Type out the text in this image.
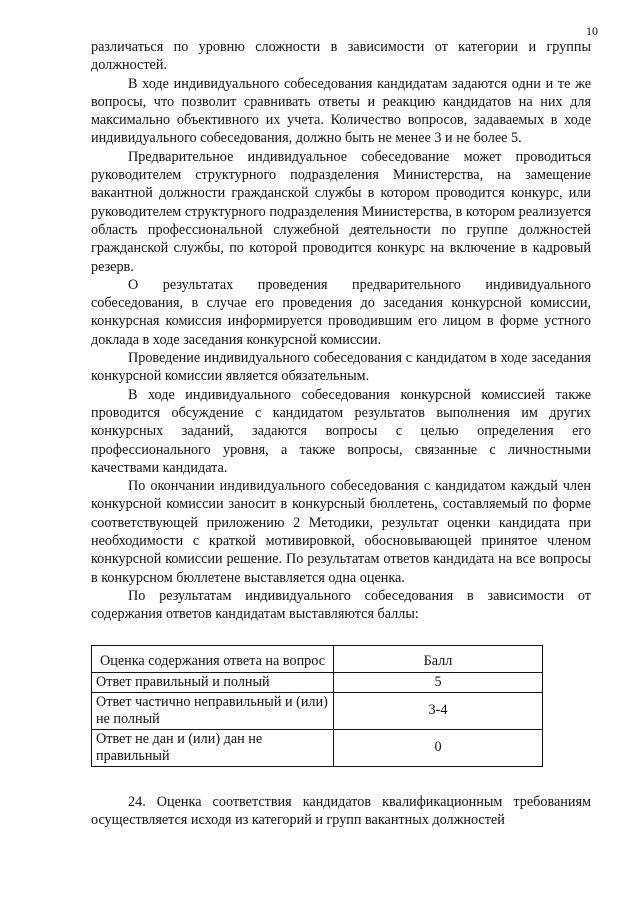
10

различаться по уровню сложности в зависимости от категории и группы должностей.

В ходе индивидуального собеседования кандидатам задаются одни и те же вопросы, что позволит сравнивать ответы и реакцию кандидатов на них для максимально объективного их учета. Количество вопросов, задаваемых в ходе индивидуального собеседования, должно быть не менее 3 и не более 5.

Предварительное индивидуальное собеседование может проводиться руководителем структурного подразделения Министерства, на замещение вакантной должности гражданской службы в котором проводится конкурс, или руководителем структурного подразделения Министерства, в котором реализуется область профессиональной служебной деятельности по группе должностей гражданской службы, по которой проводится конкурс на включение в кадровый резерв.

О результатах проведения предварительного индивидуального собеседования, в случае его проведения до заседания конкурсной комиссии, конкурсная комиссия информируется проводившим его лицом в форме устного доклада в ходе заседания конкурсной комиссии.

Проведение индивидуального собеседования с кандидатом в ходе заседания конкурсной комиссии является обязательным.

В ходе индивидуального собеседования конкурсной комиссией также проводится обсуждение с кандидатом результатов выполнения им других конкурсных заданий, задаются вопросы с целью определения его профессионального уровня, а также вопросы, связанные с личностными качествами кандидата.

По окончании индивидуального собеседования с кандидатом каждый член конкурсной комиссии заносит в конкурсный бюллетень, составляемый по форме соответствующей приложению 2 Методики, результат оценки кандидата при необходимости с краткой мотивировкой, обосновывающей принятое членом конкурсной комиссии решение. По результатам ответов кандидата на все вопросы в конкурсном бюллетене выставляется одна оценка.

По результатам индивидуального собеседования в зависимости от содержания ответов кандидатам выставляются баллы:

Оценка содержания ответа на вопрос	Балл
Ответ правильный и полный	5
Ответ частично неправильный и (или) не полный	3-4
Ответ не дан и (или) дан не правильный	0

24. Оценка соответствия кандидатов квалификационным требованиям осуществляется исходя из категорий и групп вакантных должностей
